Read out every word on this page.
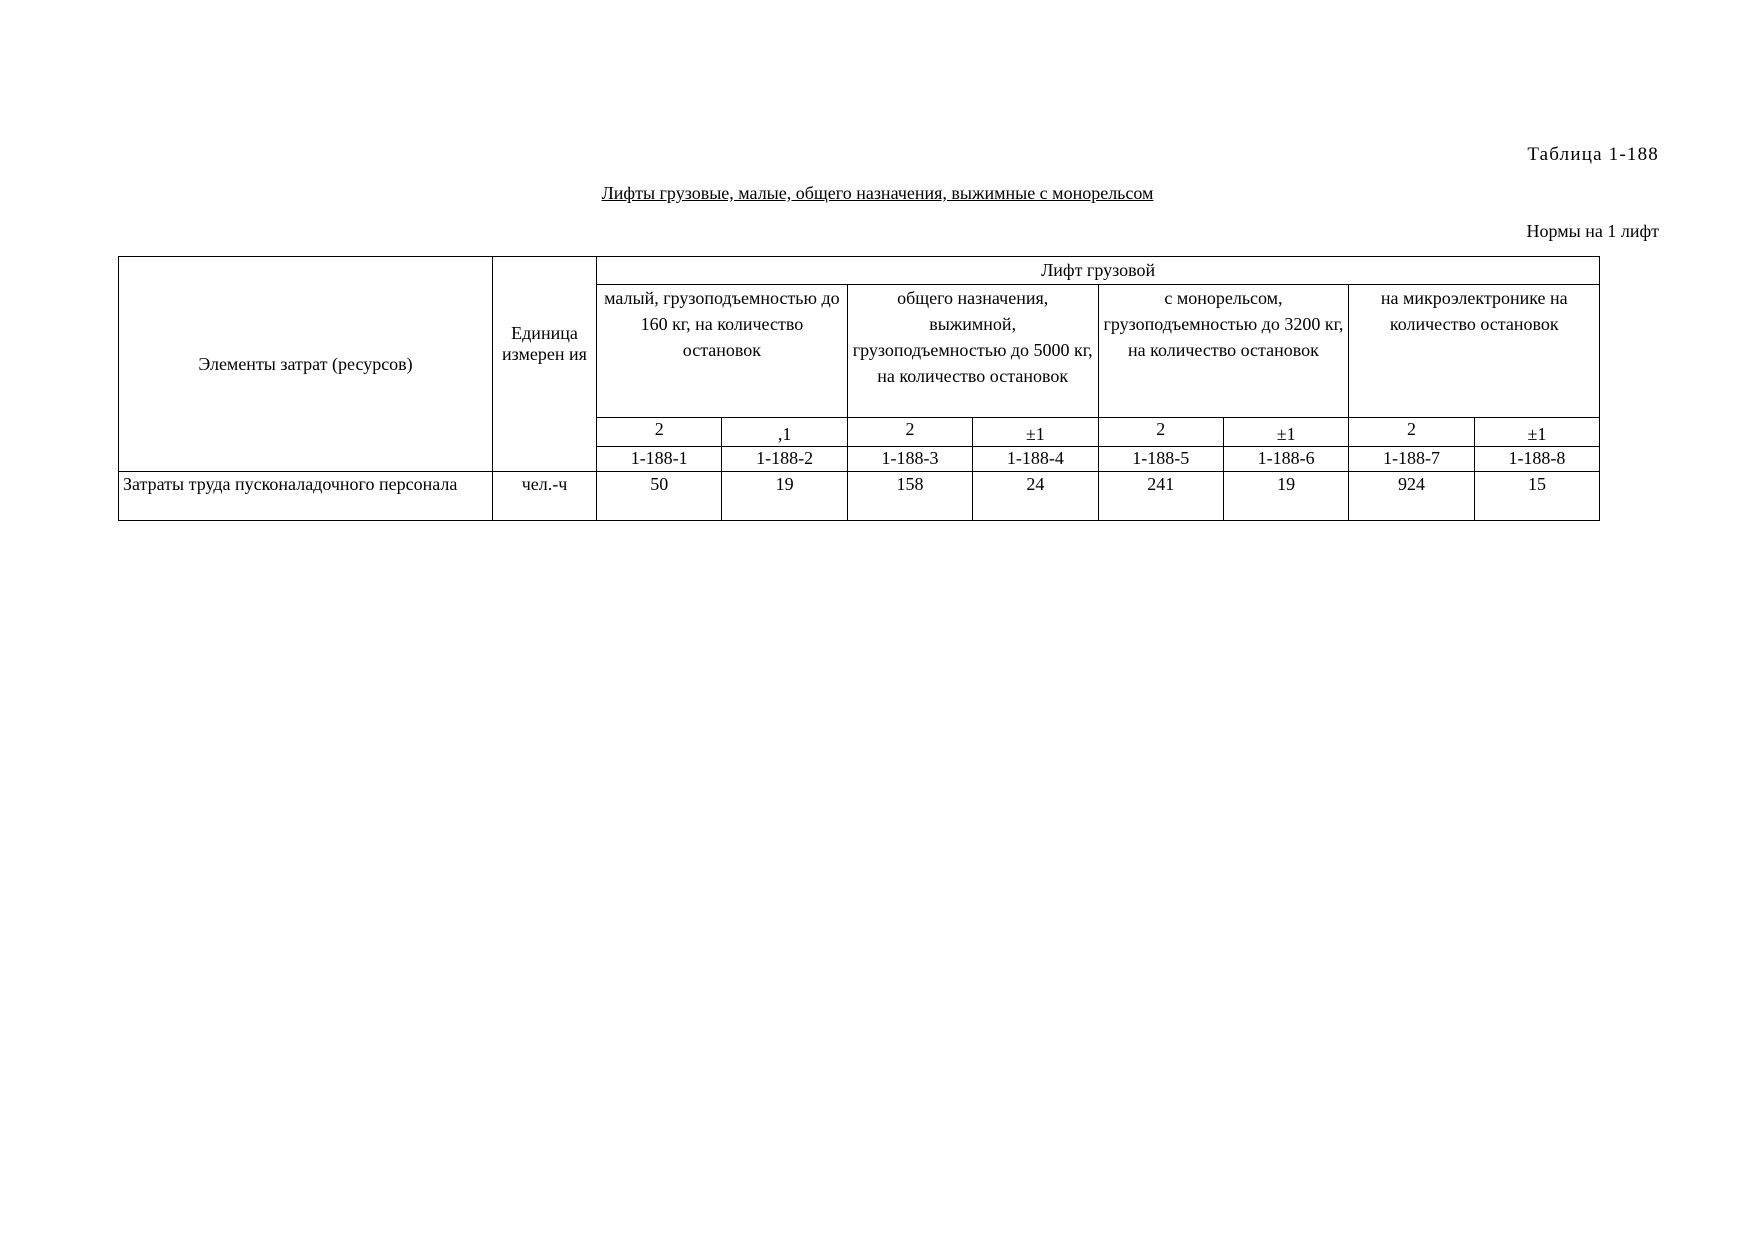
Таблица 1-188
Лифты грузовые, малые, общего назначения, выжимные с монорельсом
Нормы на 1 лифт
Элементы затрат (ресурсов)	Единица измерен ия	Лифт грузовой							
		малый, грузоподъемностью до 160 кг, на количество остановок		общего назначения, выжимной, грузоподъемностью до 5000 кг, на количество остановок		с монорельсом, грузоподъемностью до 3200 кг, на количество остановок		на микроэлектронике на количество остановок	
		2	,1	2	±1	2	±1	2	±1
		1-188-1	1-188-2	1-188-3	1-188-4	1-188-5	1-188-6	1-188-7	1-188-8
Затраты труда пусконаладочного персонала	чел.-ч	50	19	158	24	241	19	924	15
